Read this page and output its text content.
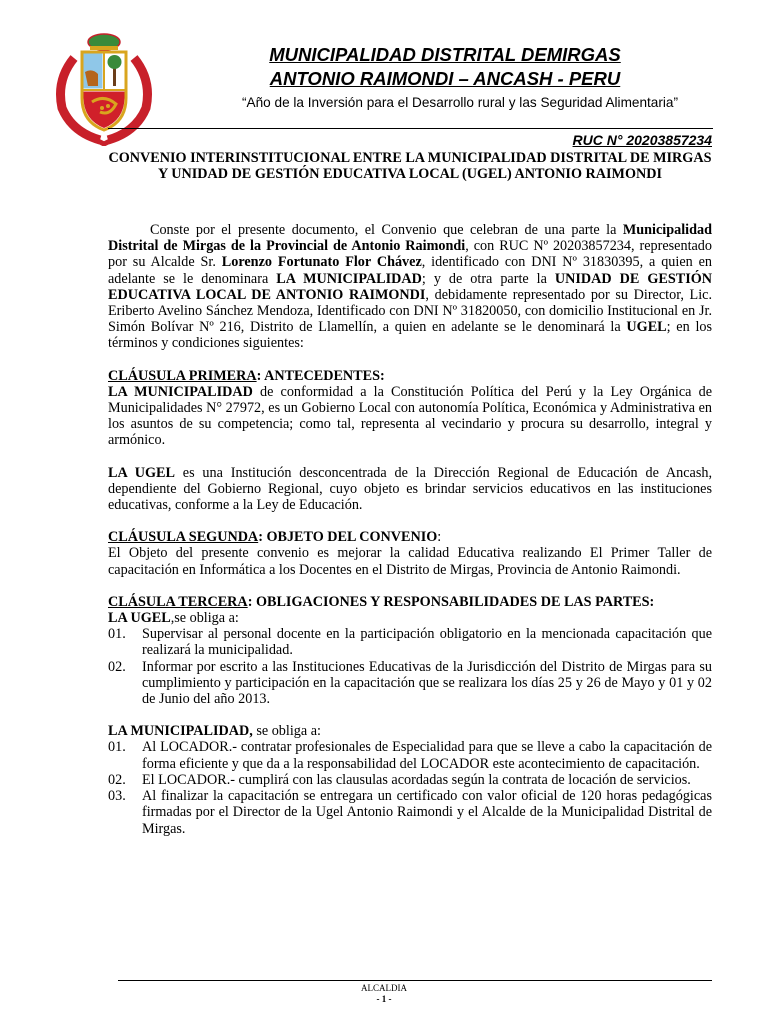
MUNICIPALIDAD DISTRITAL DEMIRGAS
ANTONIO RAIMONDI – ANCASH - PERU
“Año de la Inversión para el Desarrollo rural y las Seguridad Alimentaria”
RUC N° 20203857234
CONVENIO INTERINSTITUCIONAL ENTRE LA MUNICIPALIDAD DISTRITAL DE MIRGAS Y UNIDAD DE GESTIÓN EDUCATIVA LOCAL (UGEL) ANTONIO RAIMONDI

Conste por el presente documento, el Convenio que celebran de una parte la Municipalidad Distrital de Mirgas de la Provincial de Antonio Raimondi, con RUC Nº 20203857234, representado por su Alcalde Sr. Lorenzo Fortunato Flor Chávez, identificado con DNI Nº 31830395, a quien en adelante se le denominara LA MUNICIPALIDAD; y de otra parte la UNIDAD DE GESTIÓN EDUCATIVA LOCAL DE ANTONIO RAIMONDI, debidamente representado por su Director, Lic. Eriberto Avelino Sánchez Mendoza, Identificado con DNI Nº 31820050, con domicilio Institucional en Jr. Simón Bolívar Nº 216, Distrito de Llamellín, a quien en adelante se le denominará la UGEL; en los términos y condiciones siguientes:

CLÁUSULA PRIMERA: ANTECEDENTES:

LA MUNICIPALIDAD de conformidad a la Constitución Política del Perú y la Ley Orgánica de Municipalidades N° 27972, es un Gobierno Local con autonomía Política, Económica y Administrativa en los asuntos de su competencia; como tal, representa al vecindario y procura su desarrollo, integral y armónico.

LA UGEL es una Institución desconcentrada de la Dirección Regional de Educación de Ancash, dependiente del Gobierno Regional, cuyo objeto es brindar servicios educativos en las instituciones educativas, conforme a la Ley de Educación.

CLÁUSULA SEGUNDA: OBJETO DEL CONVENIO:

El Objeto del presente convenio es mejorar la calidad Educativa realizando El Primer Taller de capacitación en Informática a los Docentes en el Distrito de Mirgas, Provincia de Antonio Raimondi.

CLÁSULA TERCERA: OBLIGACIONES Y RESPONSABILIDADES DE LAS PARTES:

LA UGEL,se obliga a:

01. Supervisar al personal docente en la participación obligatorio en la mencionada capacitación que realizará la municipalidad.
02. Informar por escrito a las Instituciones Educativas de la Jurisdicción del Distrito de Mirgas para su cumplimiento y participación en la capacitación que se realizara los días 25 y 26 de Mayo y 01 y 02 de Junio del año 2013.

LA MUNICIPALIDAD, se obliga a:

01. Al LOCADOR.- contratar profesionales de Especialidad para que se lleve a cabo la capacitación de forma eficiente y que da a la responsabilidad del LOCADOR este acontecimiento de capacitación.
02. El LOCADOR.- cumplirá con las clausulas acordadas según la contrata de locación de servicios.
03. Al finalizar la capacitación se entregara un certificado con valor oficial de 120 horas pedagógicas firmadas por el Director de la Ugel Antonio Raimondi y el Alcalde de la Municipalidad Distrital de Mirgas.
ALCALDIA
- 1 -
